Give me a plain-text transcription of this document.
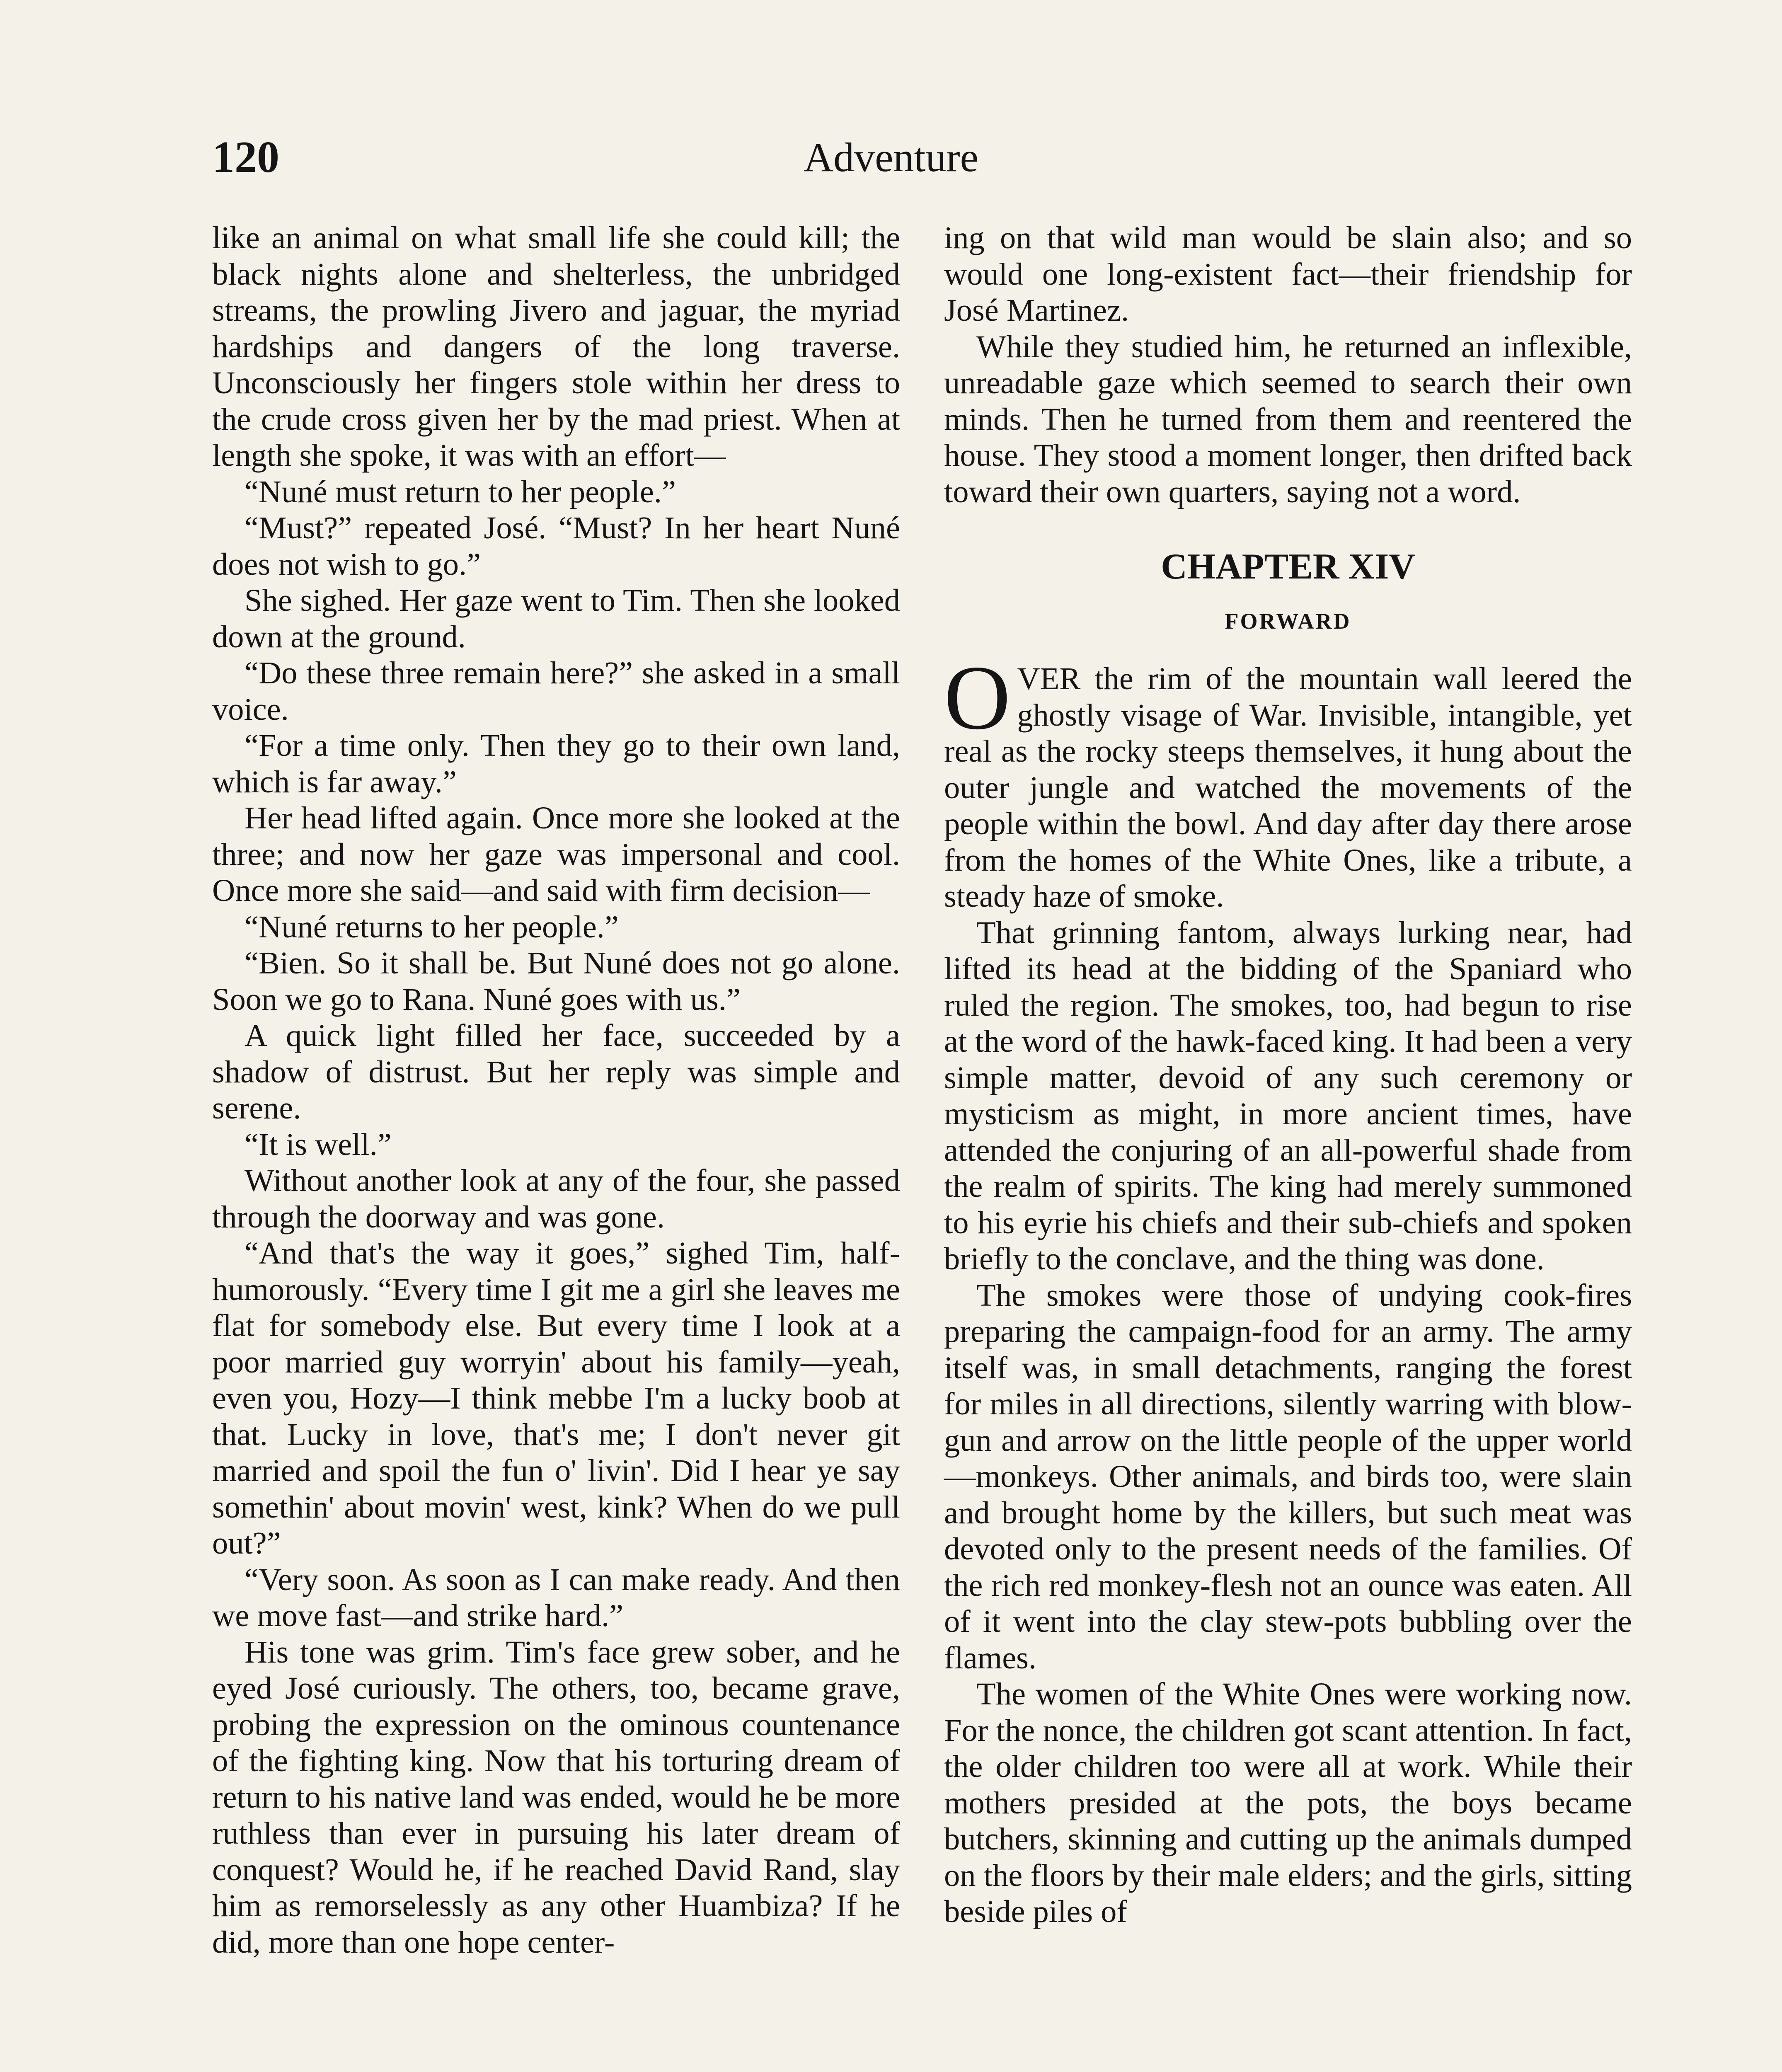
120	Adventure

like an animal on what small life she could kill; the black nights alone and shelterless, the unbridged streams, the prowling Jivero and jaguar, the myriad hardships and dangers of the long traverse. Unconsciously her fingers stole within her dress to the crude cross given her by the mad priest. When at length she spoke, it was with an effort—

“Nuné must return to her people.”

“Must?” repeated José. “Must? In her heart Nuné does not wish to go.”

She sighed. Her gaze went to Tim. Then she looked down at the ground.

“Do these three remain here?” she asked in a small voice.

“For a time only. Then they go to their own land, which is far away.”

Her head lifted again. Once more she looked at the three; and now her gaze was impersonal and cool. Once more she said—and said with firm decision—

“Nuné returns to her people.”

“Bien. So it shall be. But Nuné does not go alone. Soon we go to Rana. Nuné goes with us.”

A quick light filled her face, succeeded by a shadow of distrust. But her reply was simple and serene.

“It is well.”

Without another look at any of the four, she passed through the doorway and was gone.

“And that's the way it goes,” sighed Tim, half-humorously. “Every time I git me a girl she leaves me flat for somebody else. But every time I look at a poor married guy worryin' about his family—yeah, even you, Hozy—I think mebbe I'm a lucky boob at that. Lucky in love, that's me; I don't never git married and spoil the fun o' livin'. Did I hear ye say somethin' about movin' west, kink? When do we pull out?”

“Very soon. As soon as I can make ready. And then we move fast—and strike hard.”

His tone was grim. Tim's face grew sober, and he eyed José curiously. The others, too, became grave, probing the expression on the ominous countenance of the fighting king. Now that his torturing dream of return to his native land was ended, would he be more ruthless than ever in pursuing his later dream of conquest? Would he, if he reached David Rand, slay him as remorselessly as any other Huambiza? If he did, more than one hope center-

ing on that wild man would be slain also; and so would one long-existent fact—their friendship for José Martinez.

While they studied him, he returned an inflexible, unreadable gaze which seemed to search their own minds. Then he turned from them and reentered the house. They stood a moment longer, then drifted back toward their own quarters, saying not a word.

CHAPTER XIV
FORWARD

OVER the rim of the mountain wall leered the ghostly visage of War. Invisible, intangible, yet real as the rocky steeps themselves, it hung about the outer jungle and watched the movements of the people within the bowl. And day after day there arose from the homes of the White Ones, like a tribute, a steady haze of smoke.

That grinning fantom, always lurking near, had lifted its head at the bidding of the Spaniard who ruled the region. The smokes, too, had begun to rise at the word of the hawk-faced king. It had been a very simple matter, devoid of any such ceremony or mysticism as might, in more ancient times, have attended the conjuring of an all-powerful shade from the realm of spirits. The king had merely summoned to his eyrie his chiefs and their sub-chiefs and spoken briefly to the conclave, and the thing was done.

The smokes were those of undying cook-fires preparing the campaign-food for an army. The army itself was, in small detachments, ranging the forest for miles in all directions, silently warring with blow-gun and arrow on the little people of the upper world—monkeys. Other animals, and birds too, were slain and brought home by the killers, but such meat was devoted only to the present needs of the families. Of the rich red monkey-flesh not an ounce was eaten. All of it went into the clay stew-pots bubbling over the flames.

The women of the White Ones were working now. For the nonce, the children got scant attention. In fact, the older children too were all at work. While their mothers presided at the pots, the boys became butchers, skinning and cutting up the animals dumped on the floors by their male elders; and the girls, sitting beside piles of
